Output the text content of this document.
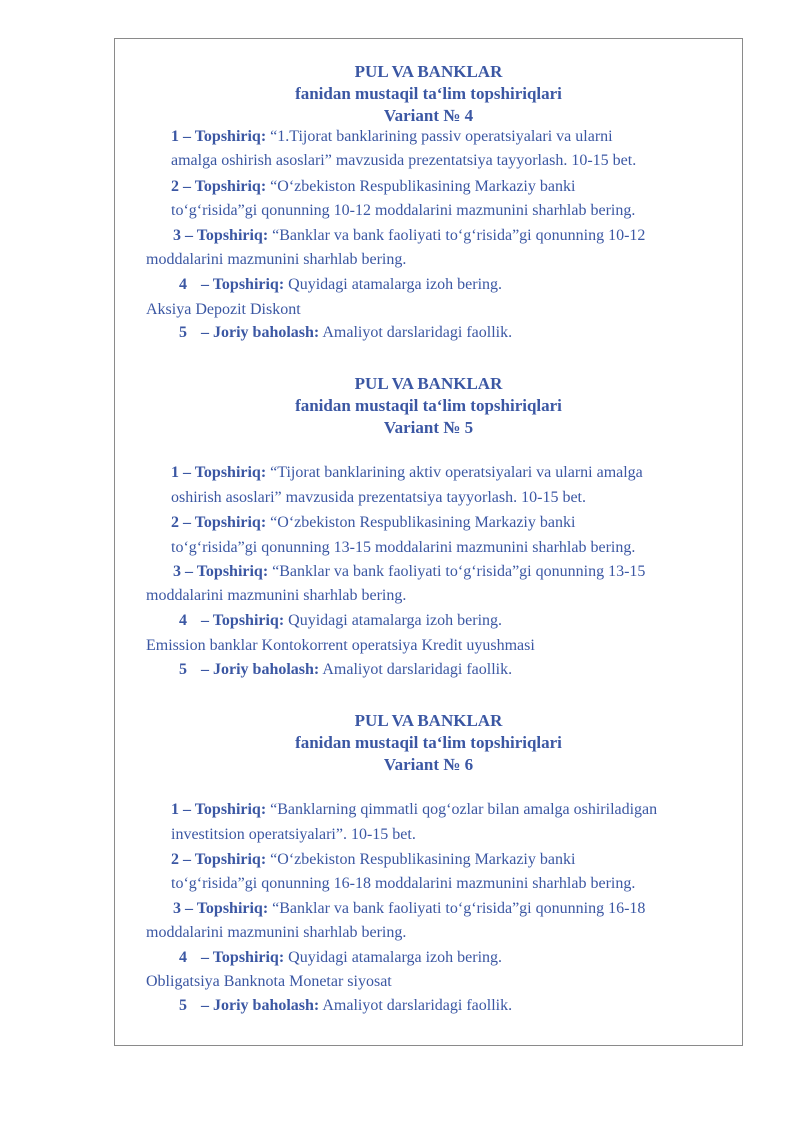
PUL VA BANKLAR
fanidan mustaqil ta‘lim topshiriqlari
Variant № 4
1 – Topshiriq: “1.Tijorat banklarining passiv operatsiyalari va ularni
amalga oshirish asoslari” mavzusida prezentatsiya tayyorlash. 10-15 bet.
2 – Topshiriq: “O‘zbekiston Respublikasining Markaziy banki
to‘g‘risida”gi qonunning 10-12 moddalarini mazmunini sharhlab bering.
3 – Topshiriq: “Banklar va bank faoliyati to‘g‘risida”gi qonunning 10-12
moddalarini mazmunini sharhlab bering.
4 – Topshiriq: Quyidagi atamalarga izoh bering.
Aksiya Depozit Diskont
5 – Joriy baholash: Amaliyot darslaridagi faollik.
PUL VA BANKLAR
fanidan mustaqil ta‘lim topshiriqlari
Variant № 5
1 – Topshiriq: “Tijorat banklarining aktiv operatsiyalari va ularni amalga
oshirish asoslari” mavzusida prezentatsiya tayyorlash. 10-15 bet.
2 – Topshiriq: “O‘zbekiston Respublikasining Markaziy banki
to‘g‘risida”gi qonunning 13-15 moddalarini mazmunini sharhlab bering.
3 – Topshiriq: “Banklar va bank faoliyati to‘g‘risida”gi qonunning 13-15
moddalarini mazmunini sharhlab bering.
4 – Topshiriq: Quyidagi atamalarga izoh bering.
Emission banklar Kontokorrent operatsiya Kredit uyushmasi
5 – Joriy baholash: Amaliyot darslaridagi faollik.
PUL VA BANKLAR
fanidan mustaqil ta‘lim topshiriqlari
Variant № 6
1 – Topshiriq: “Banklarning qimmatli qog‘ozlar bilan amalga oshiriladigan
investitsion operatsiyalari”. 10-15 bet.
2 – Topshiriq: “O‘zbekiston Respublikasining Markaziy banki
to‘g‘risida”gi qonunning 16-18 moddalarini mazmunini sharhlab bering.
3 – Topshiriq: “Banklar va bank faoliyati to‘g‘risida”gi qonunning 16-18
moddalarini mazmunini sharhlab bering.
4 – Topshiriq: Quyidagi atamalarga izoh bering.
Obligatsiya Banknota Monetar siyosat
5 – Joriy baholash: Amaliyot darslaridagi faollik.
